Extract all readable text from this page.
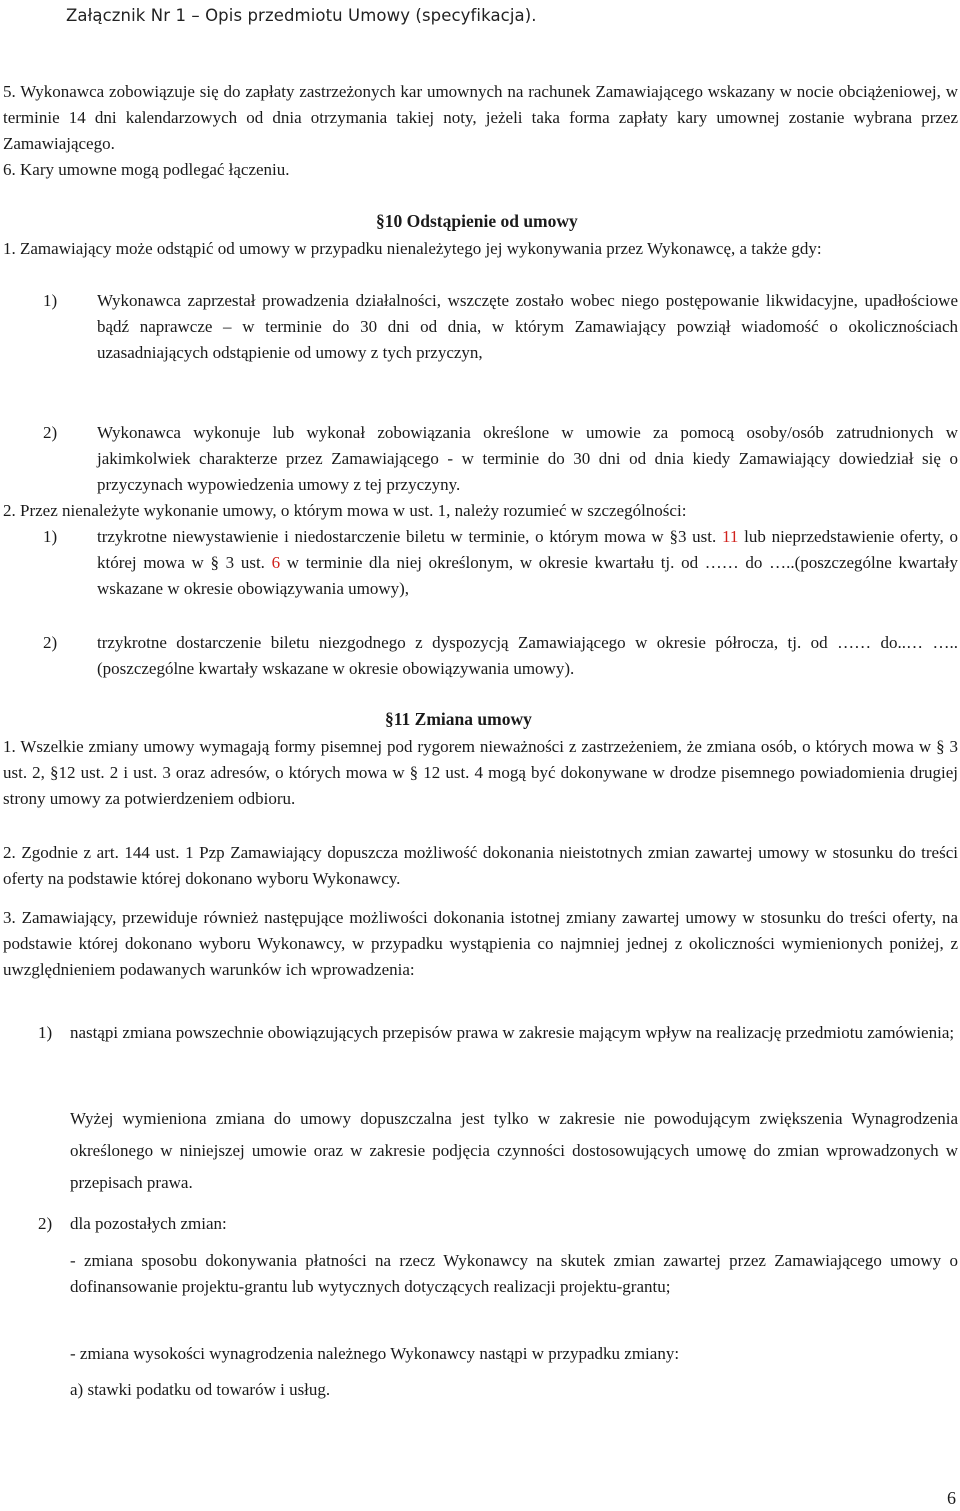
Załącznik Nr 1 – Opis przedmiotu Umowy (specyfikacja).
5. Wykonawca zobowiązuje się do zapłaty zastrzeżonych kar umownych na rachunek Zamawiającego wskazany w nocie obciążeniowej, w terminie 14 dni kalendarzowych od dnia otrzymania takiej noty, jeżeli taka forma zapłaty kary umownej zostanie wybrana przez Zamawiającego.
6. Kary umowne mogą podlegać łączeniu.
§10 Odstąpienie od umowy
1. Zamawiający może odstąpić od umowy w przypadku nienależytego jej wykonywania przez Wykonawcę, a także gdy:
1) Wykonawca zaprzestał prowadzenia działalności, wszczęte zostało wobec niego postępowanie likwidacyjne, upadłościowe bądź naprawcze – w terminie do 30 dni od dnia, w którym Zamawiający powziął wiadomość o okolicznościach uzasadniających odstąpienie od umowy z tych przyczyn,
2) Wykonawca wykonuje lub wykonał zobowiązania określone w umowie za pomocą osoby/osób zatrudnionych w jakimkolwiek charakterze przez Zamawiającego - w terminie do 30 dni od dnia kiedy Zamawiający dowiedział się o przyczynach wypowiedzenia umowy z tej przyczyny.
2. Przez nienależyte wykonanie umowy, o którym mowa w ust. 1, należy rozumieć w szczególności:
1) trzykrotne niewystawienie i niedostarczenie biletu w terminie, o którym mowa w §3 ust. 11 lub nieprzedstawienie oferty, o której mowa w § 3 ust. 6 w terminie dla niej określonym, w okresie kwartału tj. od …… do …..(poszczególne kwartały wskazane w okresie obowiązywania umowy),
2) trzykrotne dostarczenie biletu niezgodnego z dyspozycją Zamawiającego w okresie półrocza, tj. od …… do..… …..(poszczególne kwartały wskazane w okresie obowiązywania umowy).
§11 Zmiana umowy
1. Wszelkie zmiany umowy wymagają formy pisemnej pod rygorem nieważności z zastrzeżeniem, że zmiana osób, o których mowa w § 3 ust. 2, §12 ust. 2 i ust. 3 oraz adresów, o których mowa w § 12 ust. 4 mogą być dokonywane w drodze pisemnego powiadomienia drugiej strony umowy za potwierdzeniem odbioru.
2. Zgodnie z art. 144 ust. 1 Pzp Zamawiający dopuszcza możliwość dokonania nieistotnych zmian zawartej umowy w stosunku do treści oferty na podstawie której dokonano wyboru Wykonawcy.
3. Zamawiający, przewiduje również następujące możliwości dokonania istotnej zmiany zawartej umowy w stosunku do treści oferty, na podstawie której dokonano wyboru Wykonawcy, w przypadku wystąpienia co najmniej jednej z okoliczności wymienionych poniżej, z uwzględnieniem podawanych warunków ich wprowadzenia:
1) nastąpi zmiana powszechnie obowiązujących przepisów prawa w zakresie mającym wpływ na realizację przedmiotu zamówienia;
Wyżej wymieniona zmiana do umowy dopuszczalna jest tylko w zakresie nie powodującym zwiększenia Wynagrodzenia określonego w niniejszej umowie oraz w zakresie podjęcia czynności dostosowujących umowę do zmian wprowadzonych w przepisach prawa.
2) dla pozostałych zmian:
- zmiana sposobu dokonywania płatności na rzecz Wykonawcy na skutek zmian zawartej przez Zamawiającego umowy o dofinansowanie projektu-grantu lub wytycznych dotyczących realizacji projektu-grantu;
- zmiana wysokości wynagrodzenia należnego Wykonawcy nastąpi w przypadku zmiany:
a) stawki podatku od towarów i usług.
6
